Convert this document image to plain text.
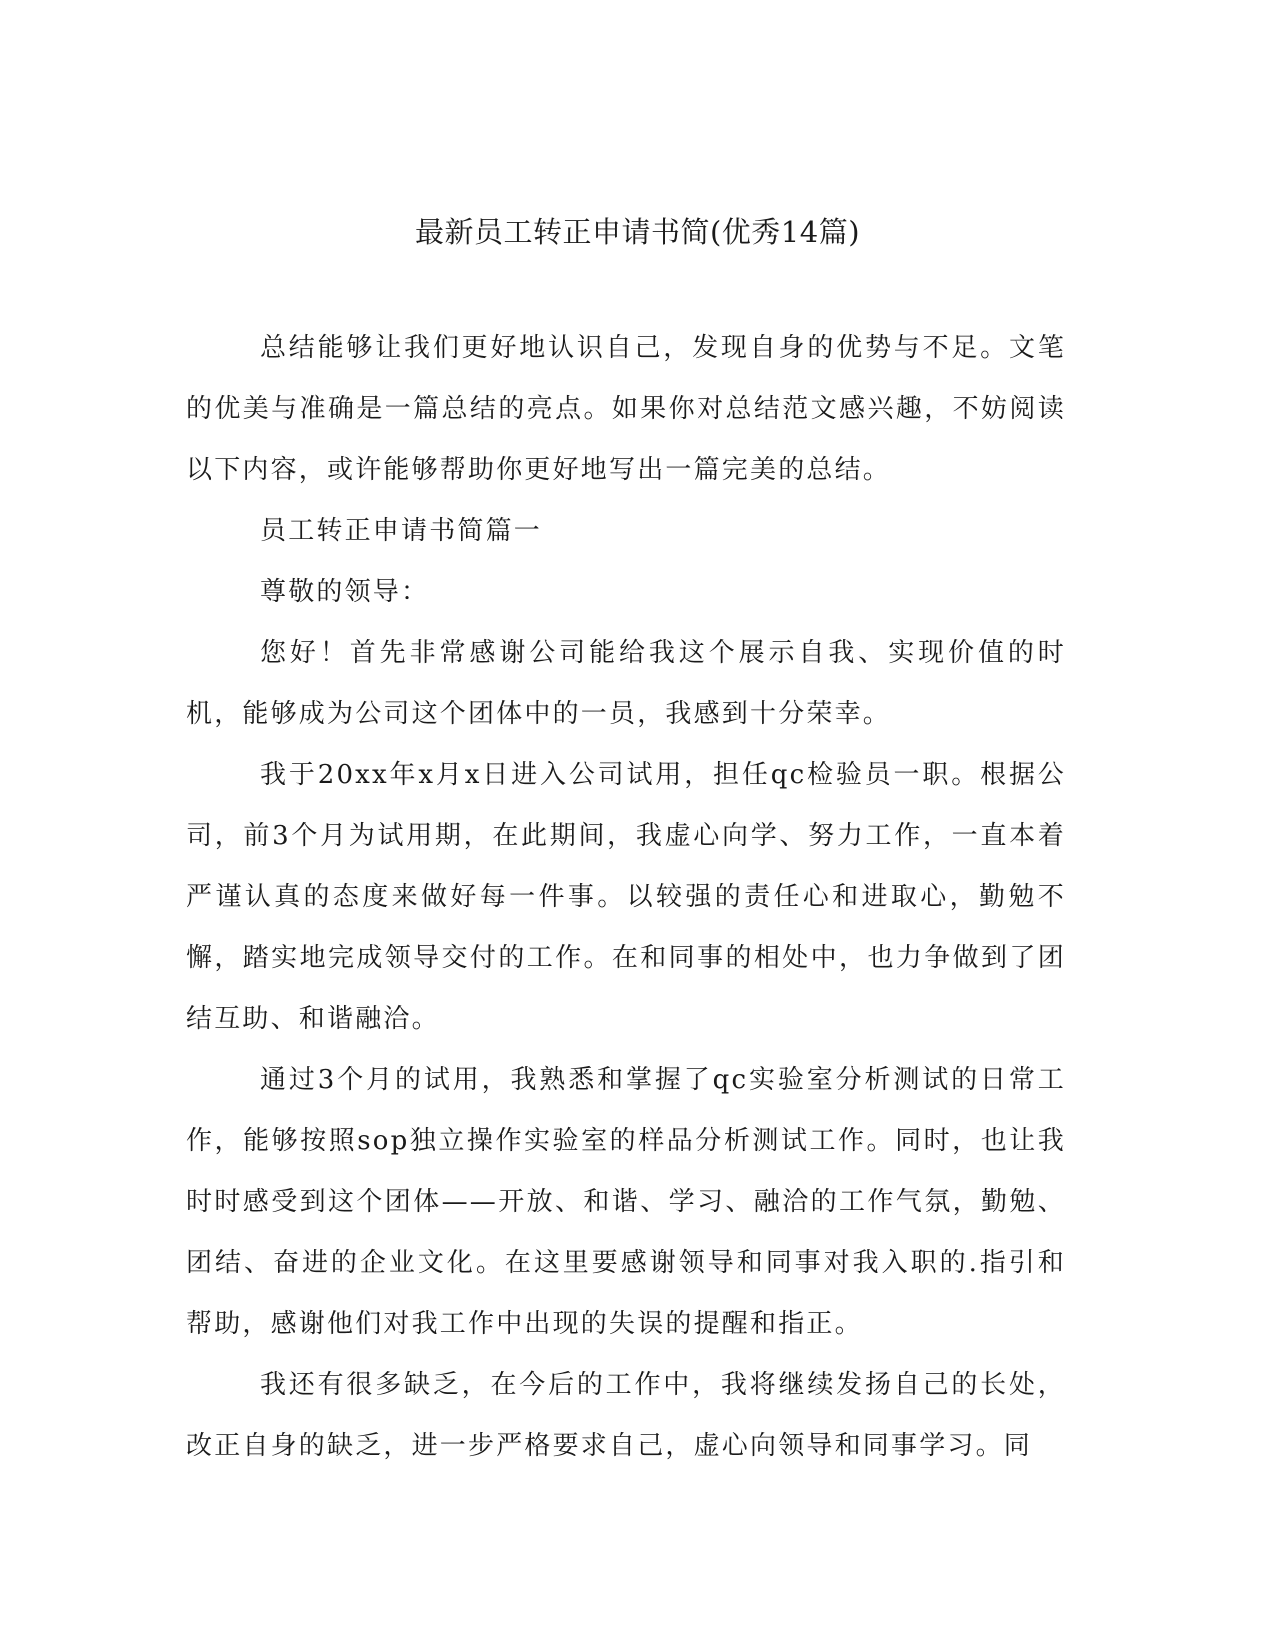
最新员工转正申请书简(优秀14篇)

总结能够让我们更好地认识自己，发现自身的优势与不足。文笔的优美与准确是一篇总结的亮点。如果你对总结范文感兴趣，不妨阅读以下内容，或许能够帮助你更好地写出一篇完美的总结。

员工转正申请书简篇一

尊敬的领导：

您好！首先非常感谢公司能给我这个展示自我、实现价值的时机，能够成为公司这个团体中的一员，我感到十分荣幸。

我于20xx年x月x日进入公司试用，担任qc检验员一职。根据公司，前3个月为试用期，在此期间，我虚心向学、努力工作，一直本着严谨认真的态度来做好每一件事。以较强的责任心和进取心，勤勉不懈，踏实地完成领导交付的工作。在和同事的相处中，也力争做到了团结互助、和谐融洽。

通过3个月的试用，我熟悉和掌握了qc实验室分析测试的日常工作，能够按照sop独立操作实验室的样品分析测试工作。同时，也让我时时感受到这个团体——开放、和谐、学习、融洽的工作气氛，勤勉、团结、奋进的企业文化。在这里要感谢领导和同事对我入职的.指引和帮助，感谢他们对我工作中出现的失误的提醒和指正。

我还有很多缺乏，在今后的工作中，我将继续发扬自己的长处，改正自身的缺乏，进一步严格要求自己，虚心向领导和同事学习。同
